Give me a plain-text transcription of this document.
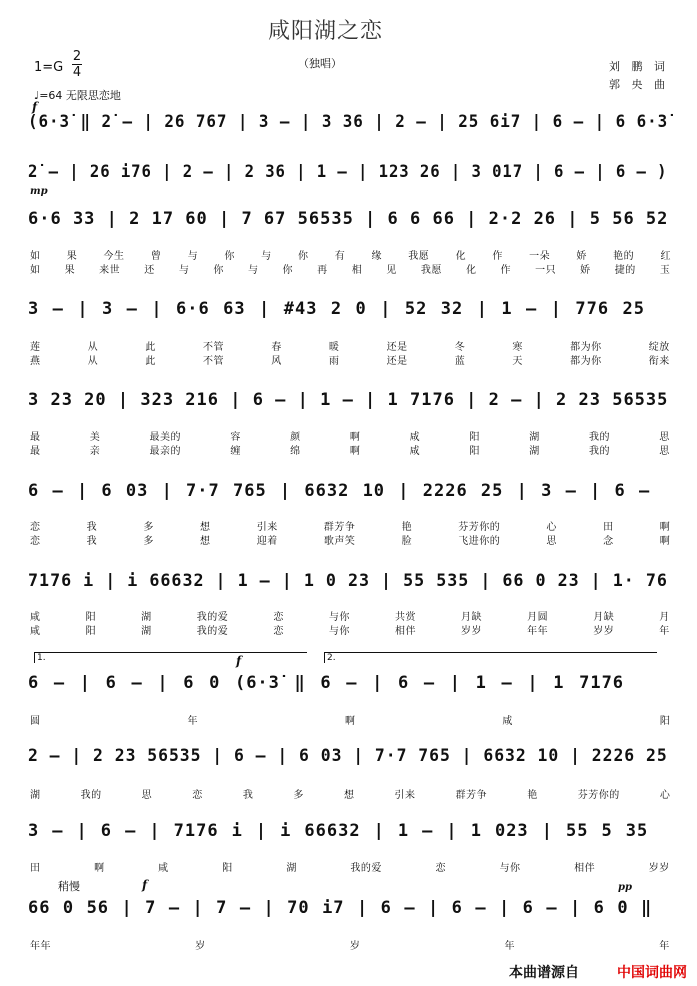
咸阳湖之恋
（独唱）
1=G
2
4
♩=64 无限思恋地
刘 鹏 词
郭 央 曲
f
mp
(6·3̇ ‖ 2̇ – | 26 767 | 3 – | 3 36 | 2 – | 25 6i7 | 6 – | 6 6·3̇
2̇ – | 26 i76 | 2 – | 2 36 | 1 – | 123 26 | 3 017 | 6 – | 6 – )
6·6 33 | 2 17 60 | 7 67 56535 | 6 6 66 | 2·2 26 | 5 56 52
如 果 今生 曾 与 你 与 你 有 缘 我愿 化 作 一朵 娇 艳的 红
如 果 来世 还 与 你 与 你 再 相 见 我愿 化 作 一只 娇 捷的 玉
3 – | 3 – | 6·6 63 | #43 2 0 | 52 32 | 1 – | 776 25
莲 从 此 不管 春 暖 还是 冬 寒 都为你 绽放
燕 从 此 不管 风 雨 还是 蓝 天 都为你 衔来
3 23 20 | 323 216 | 6 – | 1 – | 1 7176 | 2 – | 2 23 56535
最 美 最美的 容 颜 啊 咸 阳 湖 我的 思
最 亲 最亲的 缠 绵 啊 咸 阳 湖 我的 思
6 – | 6 03 | 7·7 765 | 6632 10 | 2226 25 | 3 – | 6 –
恋 我 多 想 引来 群芳争 艳 芬芳你的 心 田 啊
恋 我 多 想 迎着 歌声笑 脸 飞进你的 思 念 啊
7176 i | i 66632 | 1 – | 1 0 23 | 55 535 | 66 0 23 | 1· 76
咸 阳 湖 我的爱 恋 与你 共赏 月缺 月圆 月缺 月
咸 阳 湖 我的爱 恋 与你 相伴 岁岁 年年 岁岁 年
1.	2.
f
6 – | 6 – | 6 0 (6·3̇ ‖ 6 – | 6 – | 1 – | 1 7176
圆 年 啊 咸 阳
2 – | 2 23 56535 | 6 – | 6 03 | 7·7 765 | 6632 10 | 2226 25
湖 我的 思 恋 我 多 想 引来 群芳争 艳 芬芳你的 心
3 – | 6 – | 7176 i | i 66632 | 1 – | 1 023 | 55 5 35
田 啊 咸 阳 湖 我的爱 恋 与你 相伴 岁岁
稍慢	f	pp
66 0 56 | 7 – | 7 – | 70 i7 | 6 – | 6 – | 6 – | 6 0 ‖
年年 岁 岁 年 年
本曲谱源自	中国词曲网
